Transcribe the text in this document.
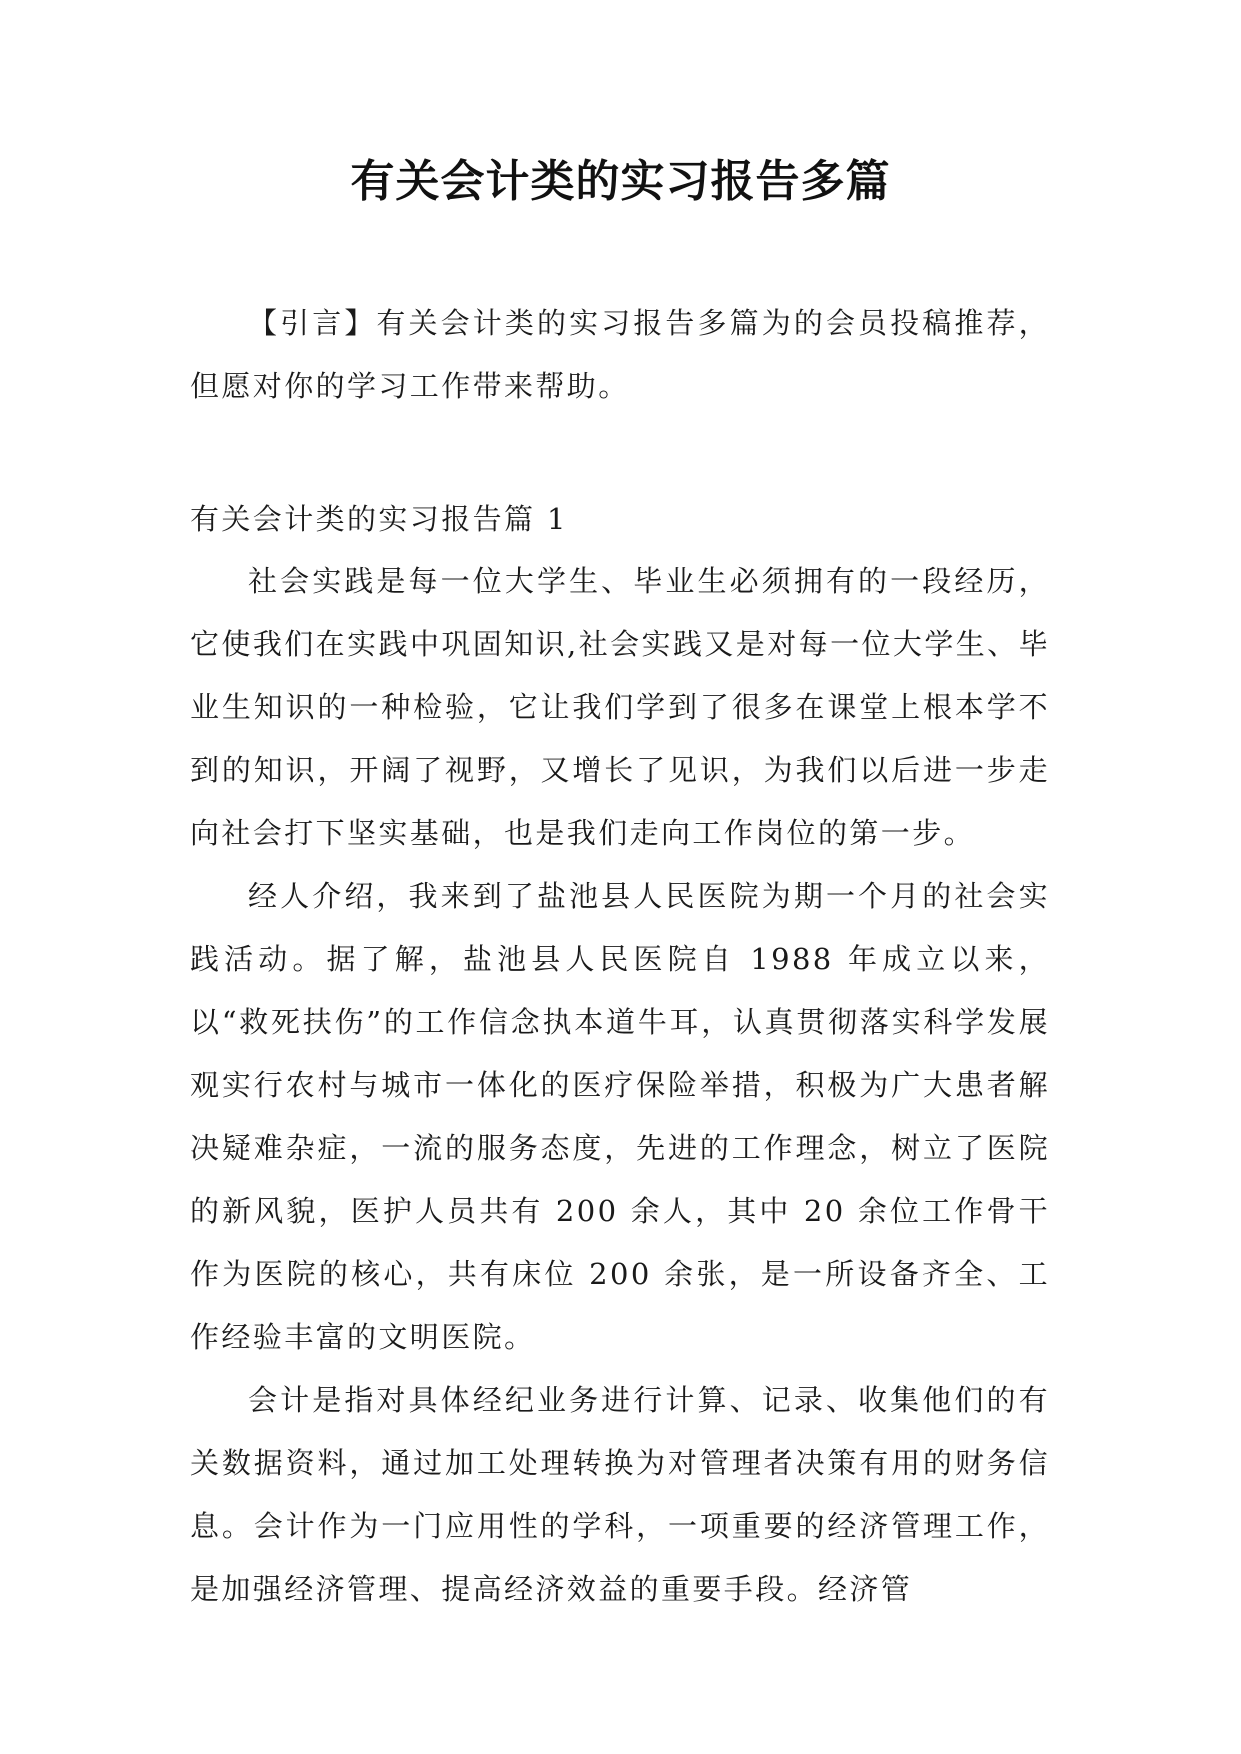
有关会计类的实习报告多篇

【引言】有关会计类的实习报告多篇为的会员投稿推荐，但愿对你的学习工作带来帮助。

有关会计类的实习报告篇 1

社会实践是每一位大学生、毕业生必须拥有的一段经历，它使我们在实践中巩固知识,社会实践又是对每一位大学生、毕业生知识的一种检验，它让我们学到了很多在课堂上根本学不到的知识，开阔了视野，又增长了见识，为我们以后进一步走向社会打下坚实基础，也是我们走向工作岗位的第一步。

经人介绍，我来到了盐池县人民医院为期一个月的社会实践活动。据了解，盐池县人民医院自 1988 年成立以来，以“救死扶伤”的工作信念执本道牛耳，认真贯彻落实科学发展观实行农村与城市一体化的医疗保险举措，积极为广大患者解决疑难杂症，一流的服务态度，先进的工作理念，树立了医院的新风貌，医护人员共有 200 余人，其中 20 余位工作骨干作为医院的核心，共有床位 200 余张，是一所设备齐全、工作经验丰富的文明医院。

会计是指对具体经纪业务进行计算、记录、收集他们的有关数据资料，通过加工处理转换为对管理者决策有用的财务信息。会计作为一门应用性的学科，一项重要的经济管理工作，是加强经济管理、提高经济效益的重要手段。经济管
